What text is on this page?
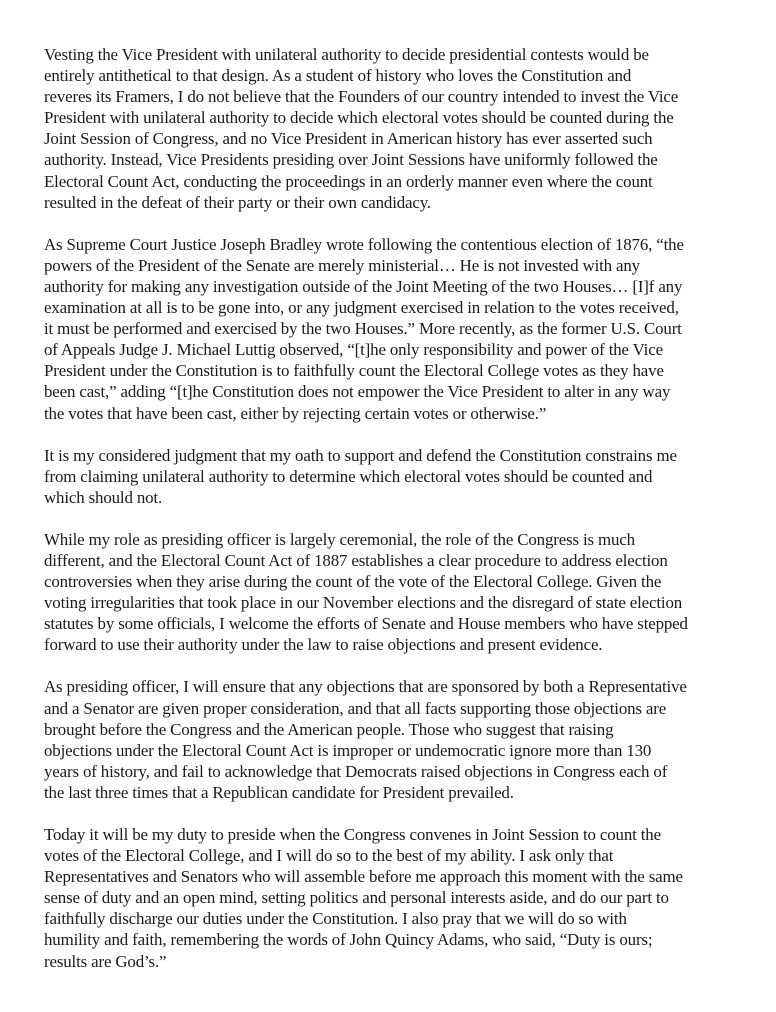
Vesting the Vice President with unilateral authority to decide presidential contests would be
entirely antithetical to that design. As a student of history who loves the Constitution and
reveres its Framers, I do not believe that the Founders of our country intended to invest the Vice
President with unilateral authority to decide which electoral votes should be counted during the
Joint Session of Congress, and no Vice President in American history has ever asserted such
authority. Instead, Vice Presidents presiding over Joint Sessions have uniformly followed the
Electoral Count Act, conducting the proceedings in an orderly manner even where the count
resulted in the defeat of their party or their own candidacy.

As Supreme Court Justice Joseph Bradley wrote following the contentious election of 1876, “the
powers of the President of the Senate are merely ministerial… He is not invested with any
authority for making any investigation outside of the Joint Meeting of the two Houses… [I]f any
examination at all is to be gone into, or any judgment exercised in relation to the votes received,
it must be performed and exercised by the two Houses.” More recently, as the former U.S. Court
of Appeals Judge J. Michael Luttig observed, “[t]he only responsibility and power of the Vice
President under the Constitution is to faithfully count the Electoral College votes as they have
been cast,” adding “[t]he Constitution does not empower the Vice President to alter in any way
the votes that have been cast, either by rejecting certain votes or otherwise.”

It is my considered judgment that my oath to support and defend the Constitution constrains me
from claiming unilateral authority to determine which electoral votes should be counted and
which should not.

While my role as presiding officer is largely ceremonial, the role of the Congress is much
different, and the Electoral Count Act of 1887 establishes a clear procedure to address election
controversies when they arise during the count of the vote of the Electoral College. Given the
voting irregularities that took place in our November elections and the disregard of state election
statutes by some officials, I welcome the efforts of Senate and House members who have stepped
forward to use their authority under the law to raise objections and present evidence.

As presiding officer, I will ensure that any objections that are sponsored by both a Representative
and a Senator are given proper consideration, and that all facts supporting those objections are
brought before the Congress and the American people. Those who suggest that raising
objections under the Electoral Count Act is improper or undemocratic ignore more than 130
years of history, and fail to acknowledge that Democrats raised objections in Congress each of
the last three times that a Republican candidate for President prevailed.

Today it will be my duty to preside when the Congress convenes in Joint Session to count the
votes of the Electoral College, and I will do so to the best of my ability. I ask only that
Representatives and Senators who will assemble before me approach this moment with the same
sense of duty and an open mind, setting politics and personal interests aside, and do our part to
faithfully discharge our duties under the Constitution. I also pray that we will do so with
humility and faith, remembering the words of John Quincy Adams, who said, “Duty is ours;
results are God’s.”
